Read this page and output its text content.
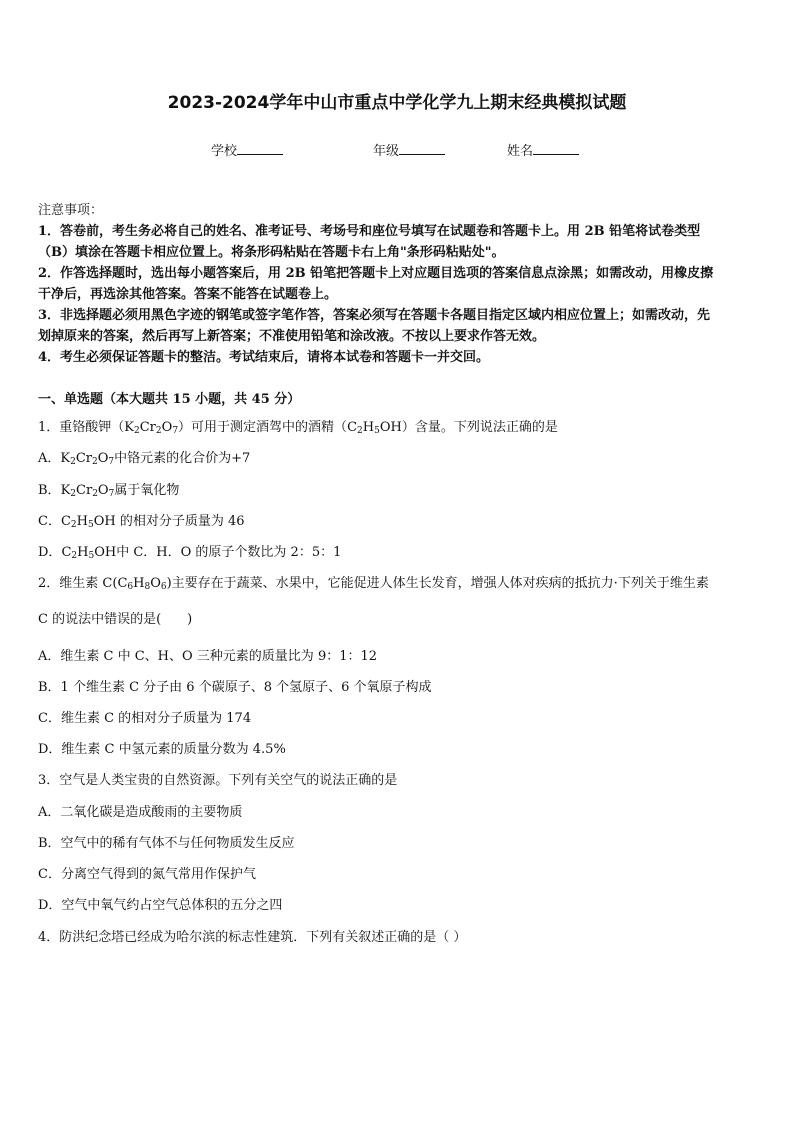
2023-2024学年中山市重点中学化学九上期末经典模拟试题
学校	年级	姓名
注意事项：
1．答卷前，考生务必将自己的姓名、准考证号、考场号和座位号填写在试题卷和答题卡上。用 2B 铅笔将试卷类型
（B）填涂在答题卡相应位置上。将条形码粘贴在答题卡右上角"条形码粘贴处"。
2．作答选择题时，选出每小题答案后，用 2B 铅笔把答题卡上对应题目选项的答案信息点涂黑；如需改动，用橡皮擦
干净后，再选涂其他答案。答案不能答在试题卷上。
3．非选择题必须用黑色字迹的钢笔或签字笔作答，答案必须写在答题卡各题目指定区域内相应位置上；如需改动，先
划掉原来的答案，然后再写上新答案；不准使用铅笔和涂改液。不按以上要求作答无效。
4．考生必须保证答题卡的整洁。考试结束后，请将本试卷和答题卡一并交回。
一、单选题（本大题共 15 小题，共 45 分）
1．重铬酸钾$(K_2Cr_2O_7)$可用于测定酒驾中的酒精$(C_2H_5OH)$含量。下列说法正确的是
A．$K_2Cr_2O_7$中铬元素的化合价为+7
B．$K_2Cr_2O_7$属于氧化物
C．$C_2H_5OH$ 的相对分子质量为 46
D．$C_2H_5OH$中 C．H．O 的原子个数比为 2：5：1
2．维生素 $C(C_6H_8O_6)$主要存在于蔬菜、水果中，它能促进人体生长发育，增强人体对疾病的抵抗力·下列关于维生素
C 的说法中错误的是(　　)
A．维生素 C 中 C、H、O 三种元素的质量比为 9：1：12
B．1 个维生素 C 分子由 6 个碳原子、8 个氢原子、6 个氧原子构成
C．维生素 C 的相对分子质量为 174
D．维生素 C 中氢元素的质量分数为 4.5%
3．空气是人类宝贵的自然资源。下列有关空气的说法正确的是
A．二氧化碳是造成酸雨的主要物质
B．空气中的稀有气体不与任何物质发生反应
C．分离空气得到的氮气常用作保护气
D．空气中氧气约占空气总体积的五分之四
4．防洪纪念塔已经成为哈尔滨的标志性建筑．下列有关叙述正确的是（ ）
